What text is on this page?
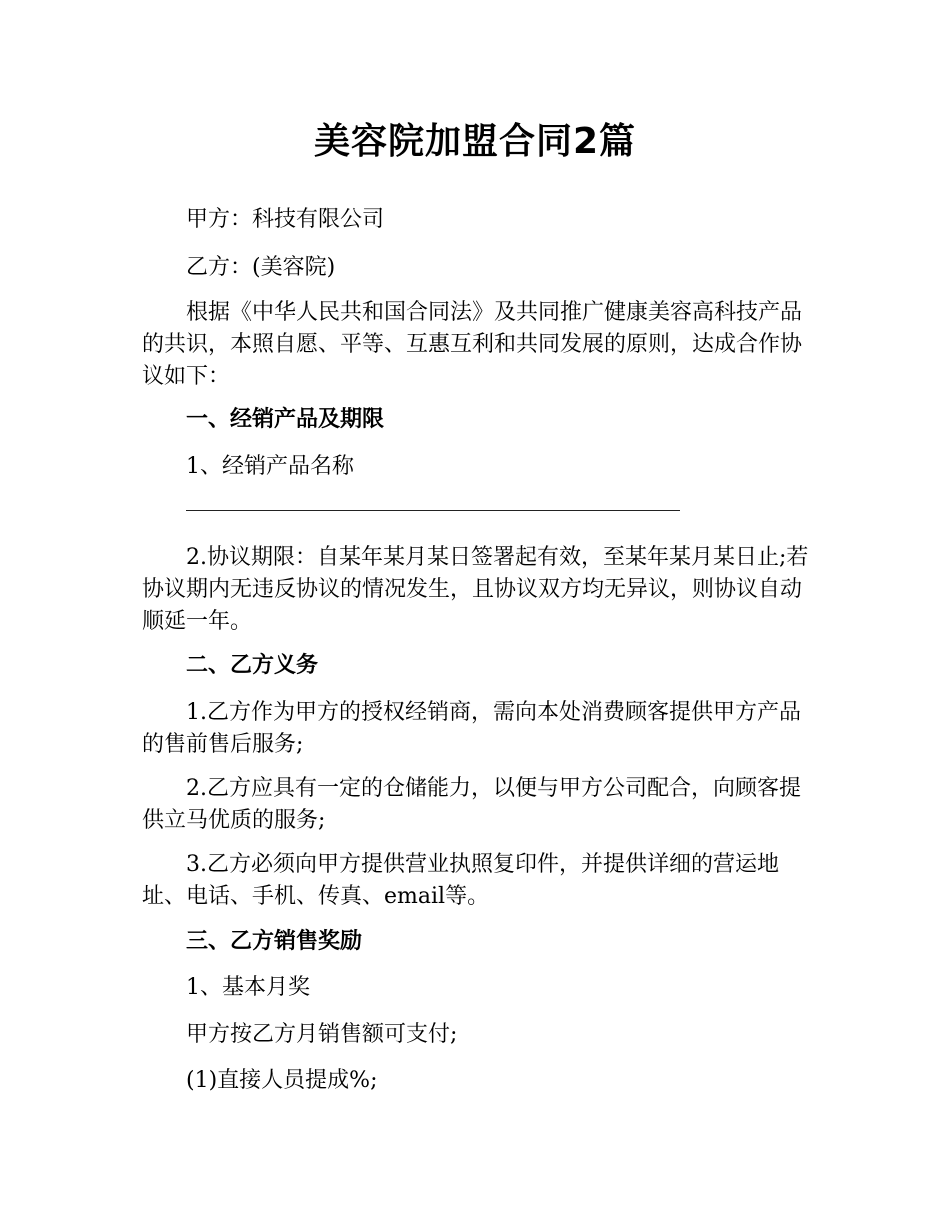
美容院加盟合同2篇

甲方：科技有限公司

乙方：(美容院)

根据《中华人民共和国合同法》及共同推广健康美容高科技产品的共识，本照自愿、平等、互惠互利和共同发展的原则，达成合作协议如下：

一、经销产品及期限

1、经销产品名称

2.协议期限：自某年某月某日签署起有效，至某年某月某日止;若协议期内无违反协议的情况发生，且协议双方均无异议，则协议自动顺延一年。

二、乙方义务

1.乙方作为甲方的授权经销商，需向本处消费顾客提供甲方产品的售前售后服务;

2.乙方应具有一定的仓储能力，以便与甲方公司配合，向顾客提供立马优质的服务;

3.乙方必须向甲方提供营业执照复印件，并提供详细的营运地址、电话、手机、传真、email等。

三、乙方销售奖励

1、基本月奖

甲方按乙方月销售额可支付;

(1)直接人员提成%;
